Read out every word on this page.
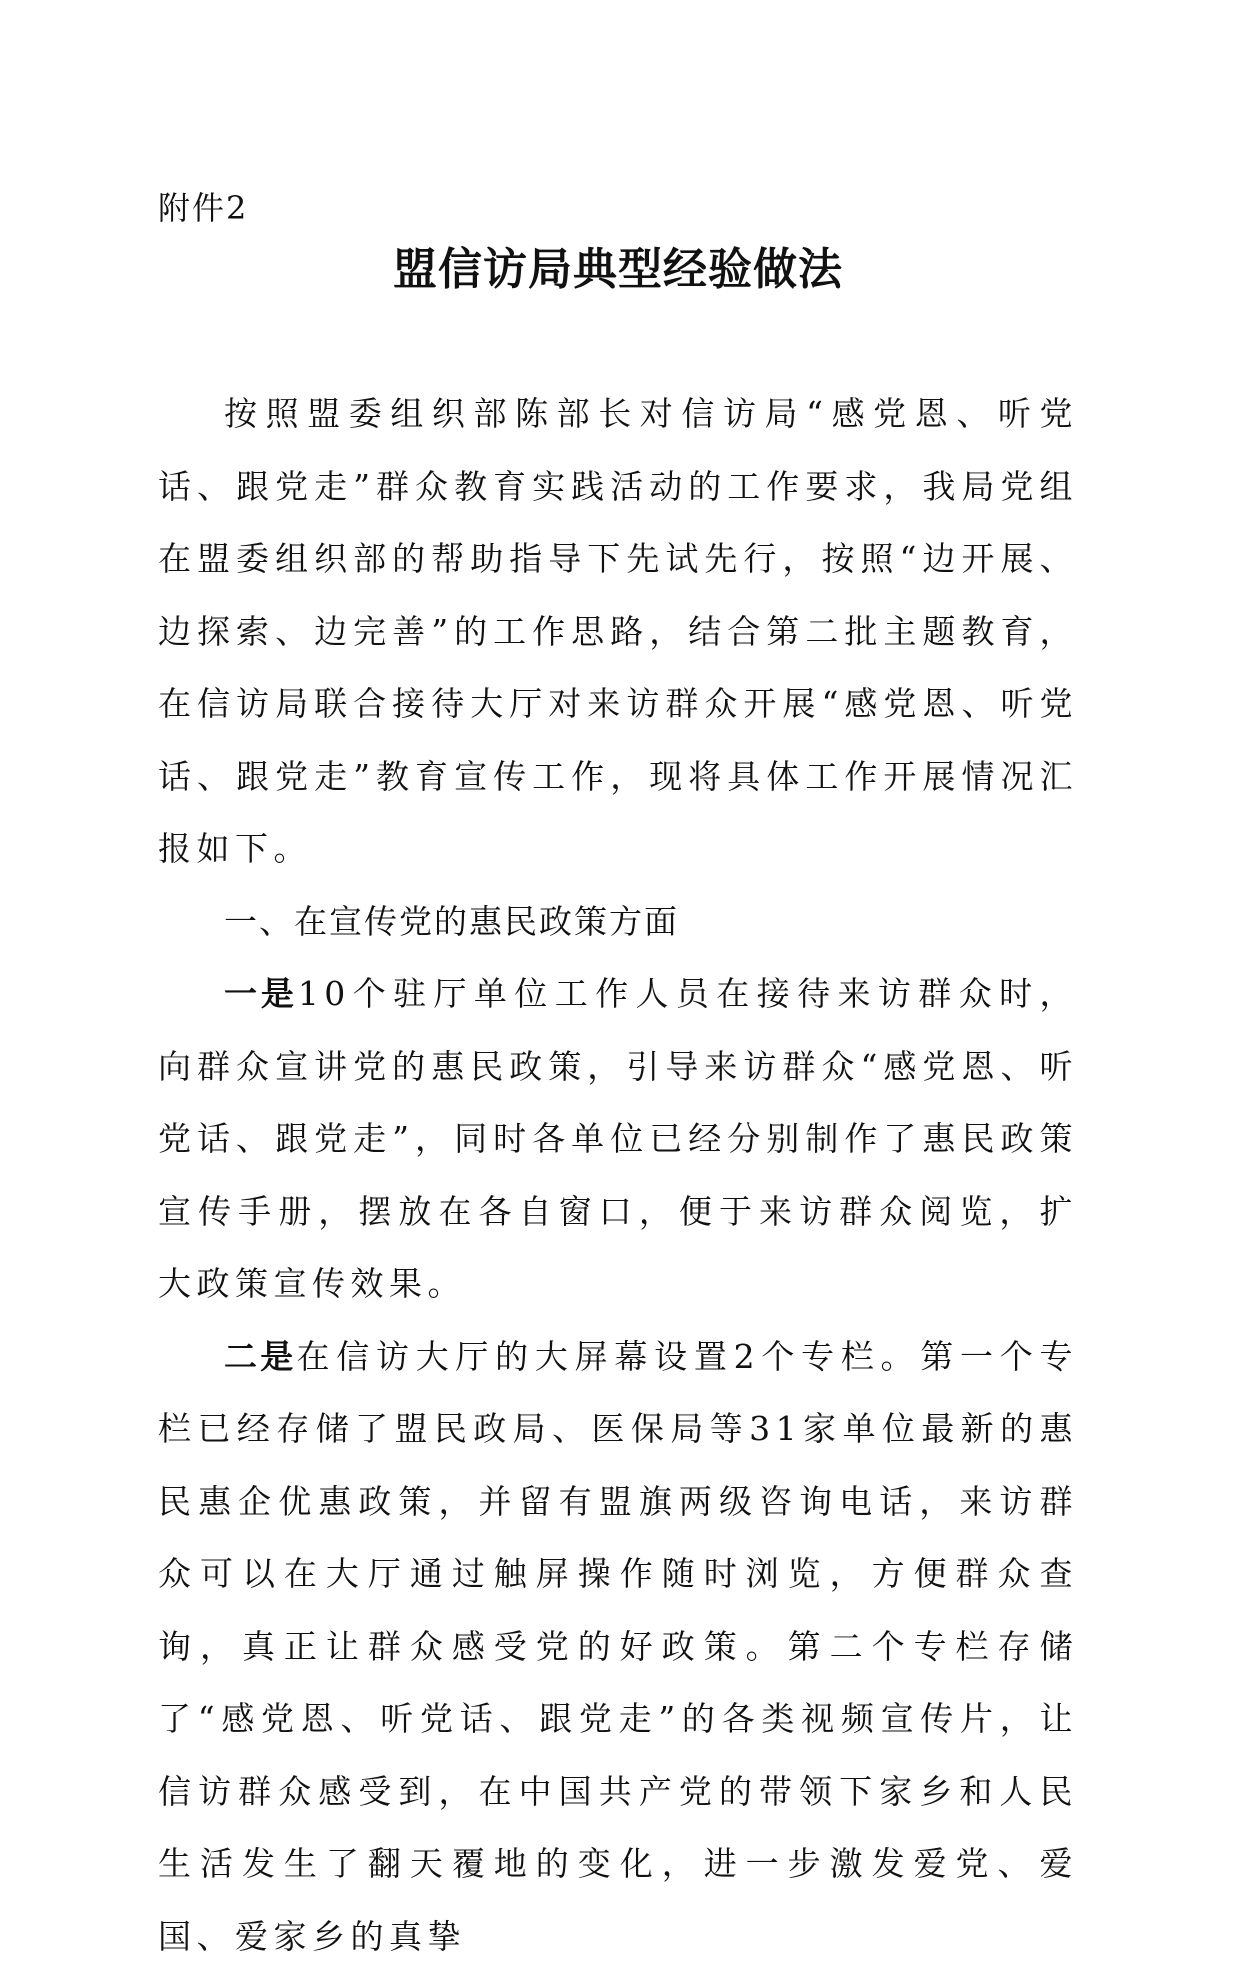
附件2
盟信访局典型经验做法

按照盟委组织部陈部长对信访局“感党恩、听党话、跟党走”群众教育实践活动的工作要求，我局党组在盟委组织部的帮助指导下先试先行，按照“边开展、边探索、边完善”的工作思路，结合第二批主题教育，在信访局联合接待大厅对来访群众开展“感党恩、听党话、跟党走”教育宣传工作，现将具体工作开展情况汇报如下。

一、在宣传党的惠民政策方面

一是10个驻厅单位工作人员在接待来访群众时，向群众宣讲党的惠民政策，引导来访群众“感党恩、听党话、跟党走”，同时各单位已经分别制作了惠民政策宣传手册，摆放在各自窗口，便于来访群众阅览，扩大政策宣传效果。

二是在信访大厅的大屏幕设置2个专栏。第一个专栏已经存储了盟民政局、医保局等31家单位最新的惠民惠企优惠政策，并留有盟旗两级咨询电话，来访群众可以在大厅通过触屏操作随时浏览，方便群众查询，真正让群众感受党的好政策。第二个专栏存储了“感党恩、听党话、跟党走”的各类视频宣传片，让信访群众感受到，在中国共产党的带领下家乡和人民生活发生了翻天覆地的变化，进一步激发爱党、爱国、爱家乡的真挚
